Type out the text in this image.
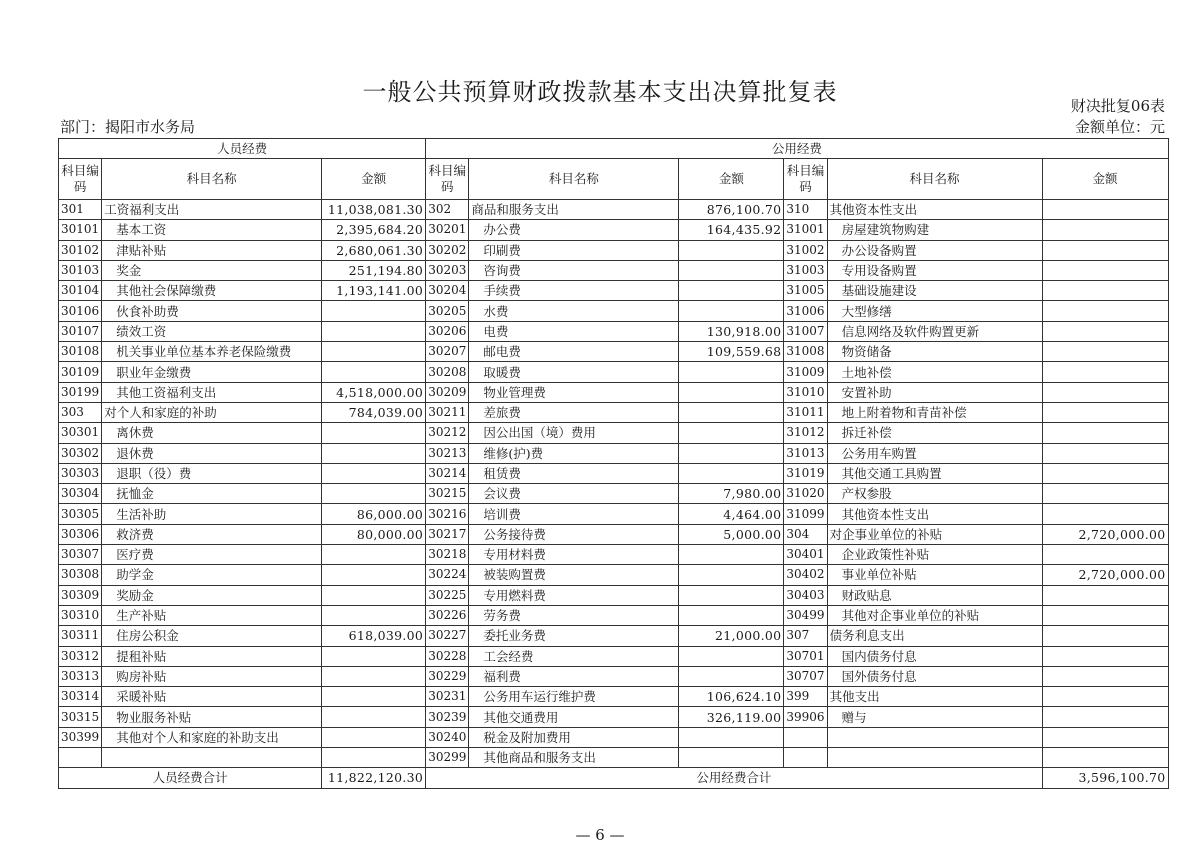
一般公共预算财政拨款基本支出决算批复表	财决批复06表
部门：揭阳市水务局	金额单位：元
人员经费			公用经费					
科目编码	科目名称	金额	科目编码	科目名称	金额	科目编码	科目名称	金额
301	工资福利支出	11,038,081.30	302	商品和服务支出	876,100.70	310	其他资本性支出	
30101	基本工资	2,395,684.20	30201	办公费	164,435.92	31001	房屋建筑物购建	
30102	津贴补贴	2,680,061.30	30202	印刷费		31002	办公设备购置	
30103	奖金	251,194.80	30203	咨询费		31003	专用设备购置	
30104	其他社会保障缴费	1,193,141.00	30204	手续费		31005	基础设施建设	
30106	伙食补助费		30205	水费		31006	大型修缮	
30107	绩效工资		30206	电费	130,918.00	31007	信息网络及软件购置更新	
30108	机关事业单位基本养老保险缴费		30207	邮电费	109,559.68	31008	物资储备	
30109	职业年金缴费		30208	取暖费		31009	土地补偿	
30199	其他工资福利支出	4,518,000.00	30209	物业管理费		31010	安置补助	
303	对个人和家庭的补助	784,039.00	30211	差旅费		31011	地上附着物和青苗补偿	
30301	离休费		30212	因公出国（境）费用		31012	拆迁补偿	
30302	退休费		30213	维修(护)费		31013	公务用车购置	
30303	退职（役）费		30214	租赁费		31019	其他交通工具购置	
30304	抚恤金		30215	会议费	7,980.00	31020	产权参股	
30305	生活补助	86,000.00	30216	培训费	4,464.00	31099	其他资本性支出	
30306	救济费	80,000.00	30217	公务接待费	5,000.00	304	对企事业单位的补贴	2,720,000.00
30307	医疗费		30218	专用材料费		30401	企业政策性补贴	
30308	助学金		30224	被装购置费		30402	事业单位补贴	2,720,000.00
30309	奖励金		30225	专用燃料费		30403	财政贴息	
30310	生产补贴		30226	劳务费		30499	其他对企事业单位的补贴	
30311	住房公积金	618,039.00	30227	委托业务费	21,000.00	307	债务利息支出	
30312	提租补贴		30228	工会经费		30701	国内债务付息	
30313	购房补贴		30229	福利费		30707	国外债务付息	
30314	采暖补贴		30231	公务用车运行维护费	106,624.10	399	其他支出	
30315	物业服务补贴		30239	其他交通费用	326,119.00	39906	赠与	
30399	其他对个人和家庭的补助支出		30240	税金及附加费用				
			30299	其他商品和服务支出				
人员经费合计		11,822,120.30	公用经费合计					3,596,100.70
— 6 —
